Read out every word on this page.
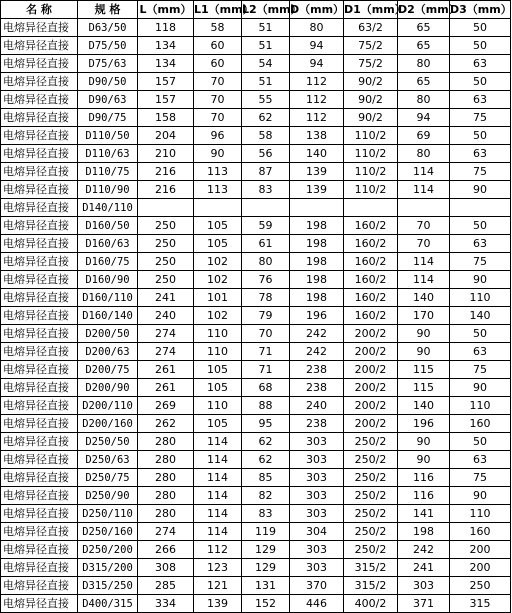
名 称	规 格	L（mm）	L1（mm）	L2（mm）	D（mm）	D1（mm）	D2（mm）	D3（mm）
电熔异径直接	D63/50	118	58	51	80	63/2	65	50
电熔异径直接	D75/50	134	60	51	94	75/2	65	50
电熔异径直接	D75/63	134	60	54	94	75/2	80	63
电熔异径直接	D90/50	157	70	51	112	90/2	65	50
电熔异径直接	D90/63	157	70	55	112	90/2	80	63
电熔异径直接	D90/75	158	70	62	112	90/2	94	75
电熔异径直接	D110/50	204	96	58	138	110/2	69	50
电熔异径直接	D110/63	210	90	56	140	110/2	80	63
电熔异径直接	D110/75	216	113	87	139	110/2	114	75
电熔异径直接	D110/90	216	113	83	139	110/2	114	90
电熔异径直接	D140/110							
电熔异径直接	D160/50	250	105	59	198	160/2	70	50
电熔异径直接	D160/63	250	105	61	198	160/2	70	63
电熔异径直接	D160/75	250	102	80	198	160/2	114	75
电熔异径直接	D160/90	250	102	76	198	160/2	114	90
电熔异径直接	D160/110	241	101	78	198	160/2	140	110
电熔异径直接	D160/140	240	102	79	196	160/2	170	140
电熔异径直接	D200/50	274	110	70	242	200/2	90	50
电熔异径直接	D200/63	274	110	71	242	200/2	90	63
电熔异径直接	D200/75	261	105	71	238	200/2	115	75
电熔异径直接	D200/90	261	105	68	238	200/2	115	90
电熔异径直接	D200/110	269	110	88	240	200/2	140	110
电熔异径直接	D200/160	262	105	95	238	200/2	196	160
电熔异径直接	D250/50	280	114	62	303	250/2	90	50
电熔异径直接	D250/63	280	114	62	303	250/2	90	63
电熔异径直接	D250/75	280	114	85	303	250/2	116	75
电熔异径直接	D250/90	280	114	82	303	250/2	116	90
电熔异径直接	D250/110	280	114	83	303	250/2	141	110
电熔异径直接	D250/160	274	114	119	304	250/2	198	160
电熔异径直接	D250/200	266	112	129	303	250/2	242	200
电熔异径直接	D315/200	308	123	129	303	315/2	241	200
电熔异径直接	D315/250	285	121	131	370	315/2	303	250
电熔异径直接	D400/315	334	139	152	446	400/2	371	315
